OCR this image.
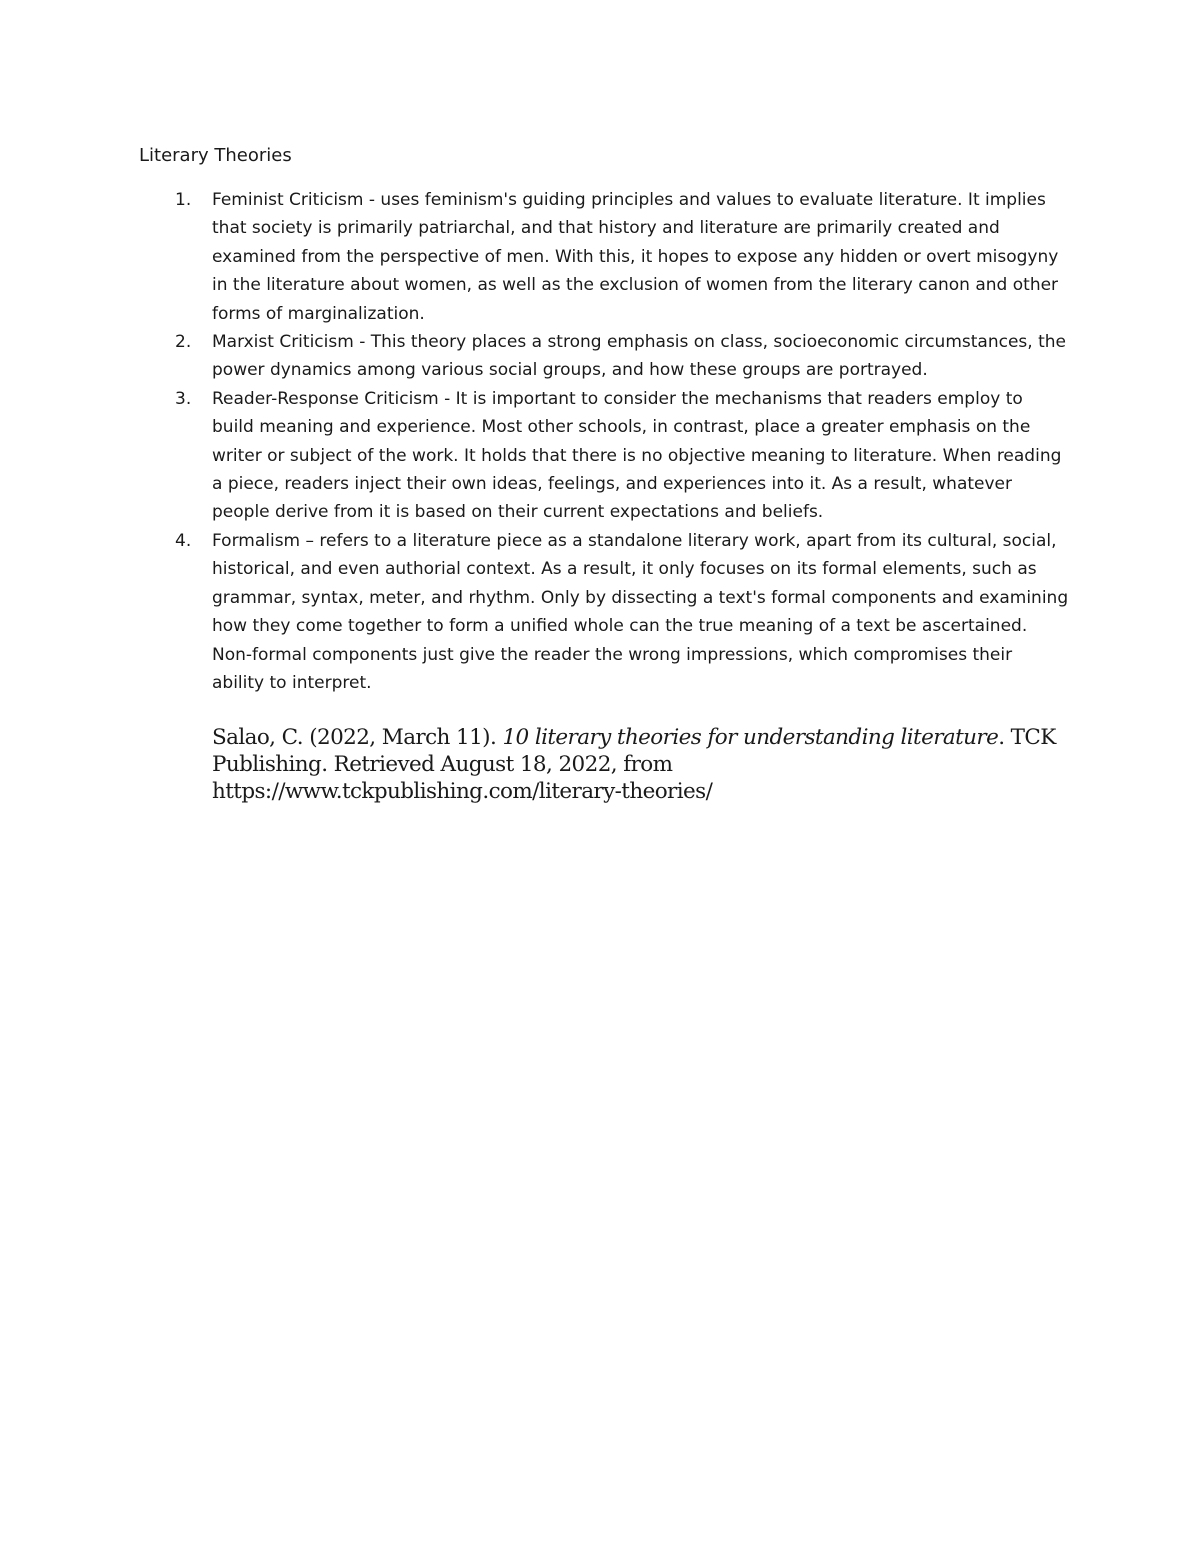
Literary Theories
1. Feminist Criticism - uses feminism's guiding principles and values to evaluate literature. It implies that society is primarily patriarchal, and that history and literature are primarily created and examined from the perspective of men. With this, it hopes to expose any hidden or overt misogyny in the literature about women, as well as the exclusion of women from the literary canon and other forms of marginalization.
2. Marxist Criticism - This theory places a strong emphasis on class, socioeconomic circumstances, the power dynamics among various social groups, and how these groups are portrayed.
3. Reader-Response Criticism - It is important to consider the mechanisms that readers employ to build meaning and experience. Most other schools, in contrast, place a greater emphasis on the writer or subject of the work. It holds that there is no objective meaning to literature. When reading a piece, readers inject their own ideas, feelings, and experiences into it. As a result, whatever people derive from it is based on their current expectations and beliefs.
4. Formalism – refers to a literature piece as a standalone literary work, apart from its cultural, social, historical, and even authorial context. As a result, it only focuses on its formal elements, such as grammar, syntax, meter, and rhythm. Only by dissecting a text's formal components and examining how they come together to form a unified whole can the true meaning of a text be ascertained. Non-formal components just give the reader the wrong impressions, which compromises their ability to interpret.

Salao, C. (2022, March 11). 10 literary theories for understanding literature. TCK Publishing. Retrieved August 18, 2022, from https://www.tckpublishing.com/literary-theories/
